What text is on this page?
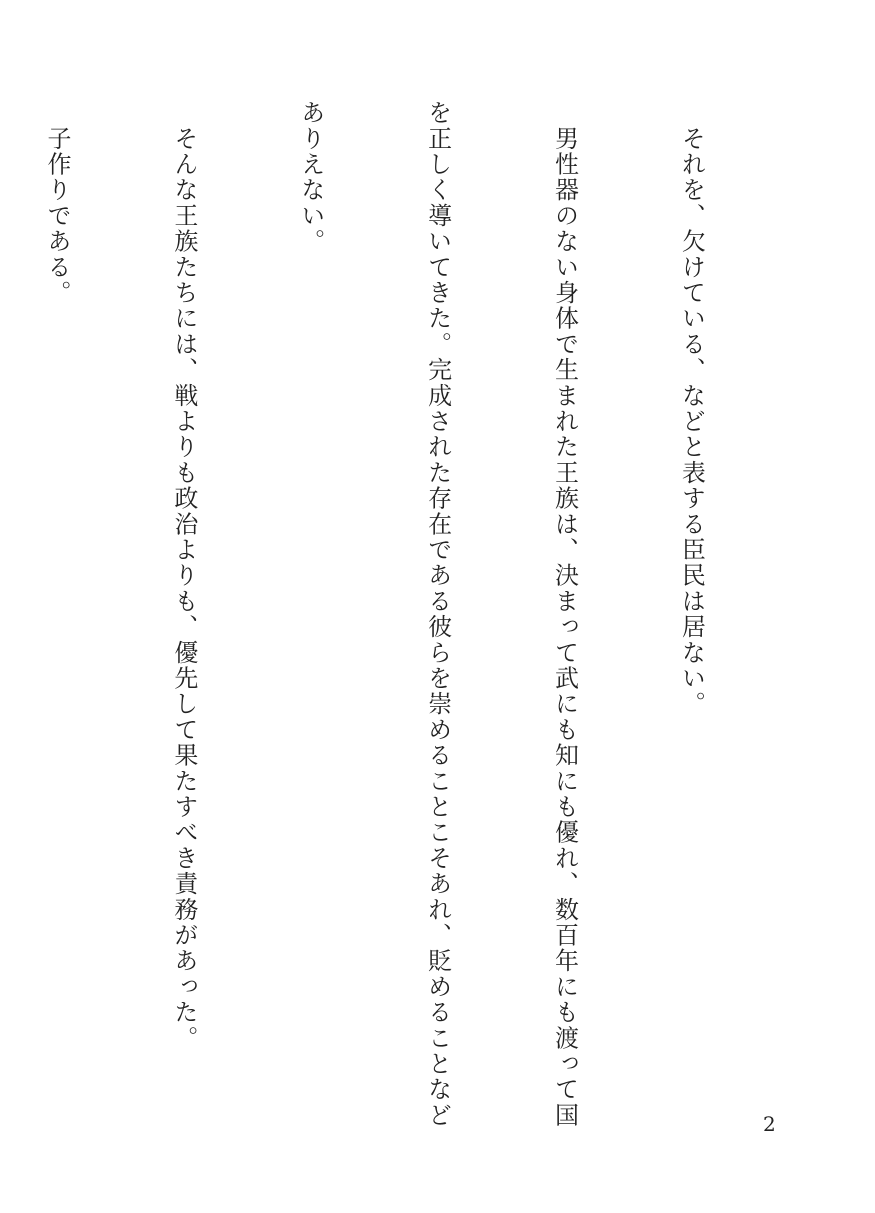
　それを、欠けている、などと表する臣民は居ない。

　男性器のない身体で生まれた王族は、決まって武にも知にも優れ、数百年にも渡って国

を正しく導いてきた。完成された存在である彼らを崇めることこそあれ、貶めることなど

ありえない。

　そんな王族たちには、戦よりも政治よりも、優先して果たすべき責務があった。

　子作りである。

2
